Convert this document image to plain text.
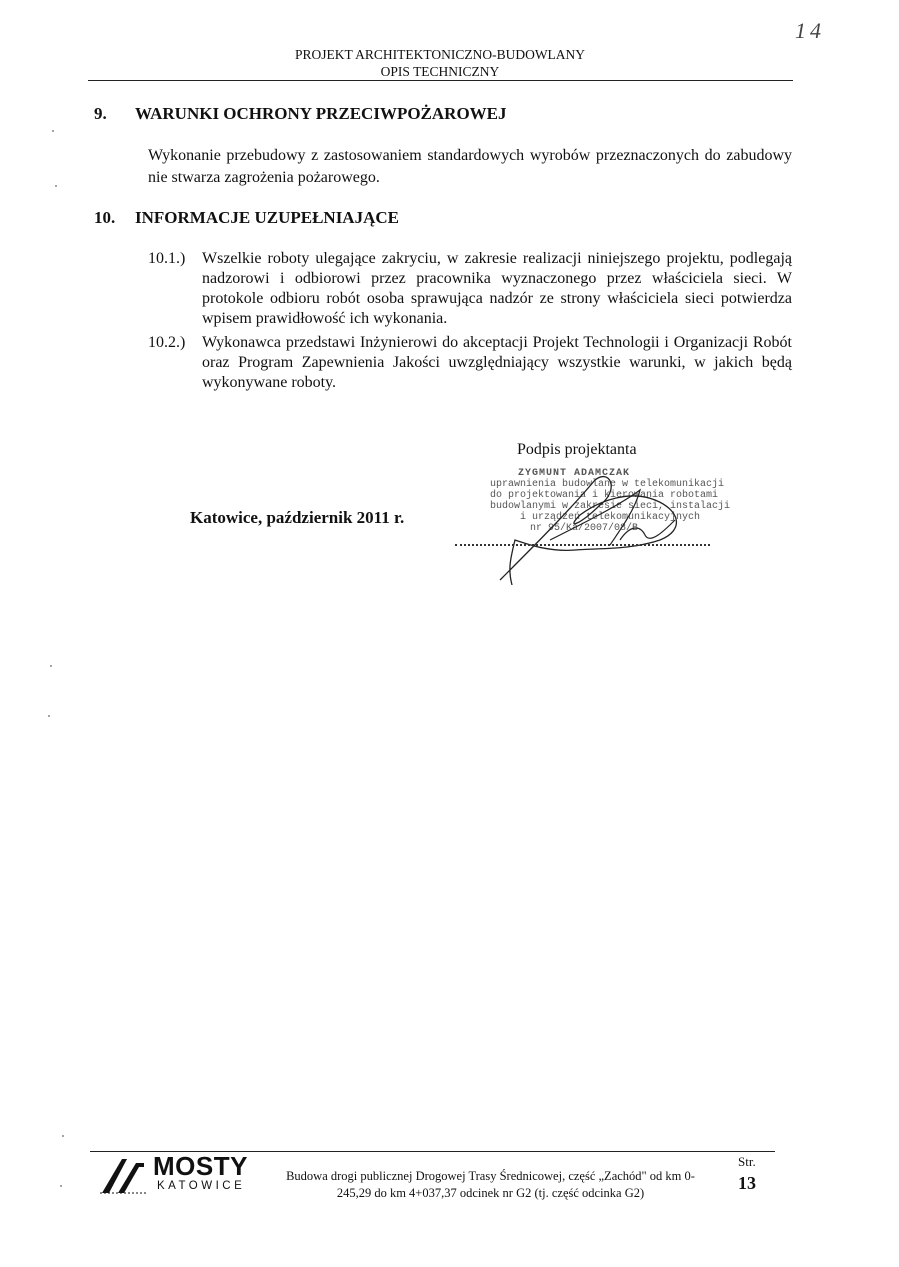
PROJEKT ARCHITEKTONICZNO-BUDOWLANY
OPIS TECHNICZNY
14
9. WARUNKI OCHRONY PRZECIWPOŻAROWEJ
Wykonanie przebudowy z zastosowaniem standardowych wyrobów przeznaczonych do zabudowy nie stwarza zagrożenia pożarowego.
10. INFORMACJE UZUPEŁNIAJĄCE
10.1.) Wszelkie roboty ulegające zakryciu, w zakresie realizacji niniejszego projektu, podlegają nadzorowi i odbiorowi przez pracownika wyznaczonego przez właściciela sieci. W protokole odbioru robót osoba sprawująca nadzór ze strony właściciela sieci potwierdza wpisem prawidłowość ich wykonania.
10.2.) Wykonawca przedstawi Inżynierowi do akceptacji Projekt Technologii i Organizacji Robót oraz Program Zapewnienia Jakości uwzględniający wszystkie warunki, w jakich będą wykonywane roboty.
Podpis projektanta
Katowice, październik 2011 r.
ZYGMUNT ADAMCZAK
uprawnienia budowlane w telekomunikacji
do projektowania i kierowania robotami
budowlanymi w zakresie sieci, instalacji
i urządzeń telekomunikacyjnych
nr 95/Ka/2007/08/B
MOSTY
KATOWICE
Budowa drogi publicznej Drogowej Trasy Średnicowej, część „Zachód" od km 0-
245,29 do km 4+037,37 odcinek nr G2 (tj. część odcinka G2)
Str.
13
